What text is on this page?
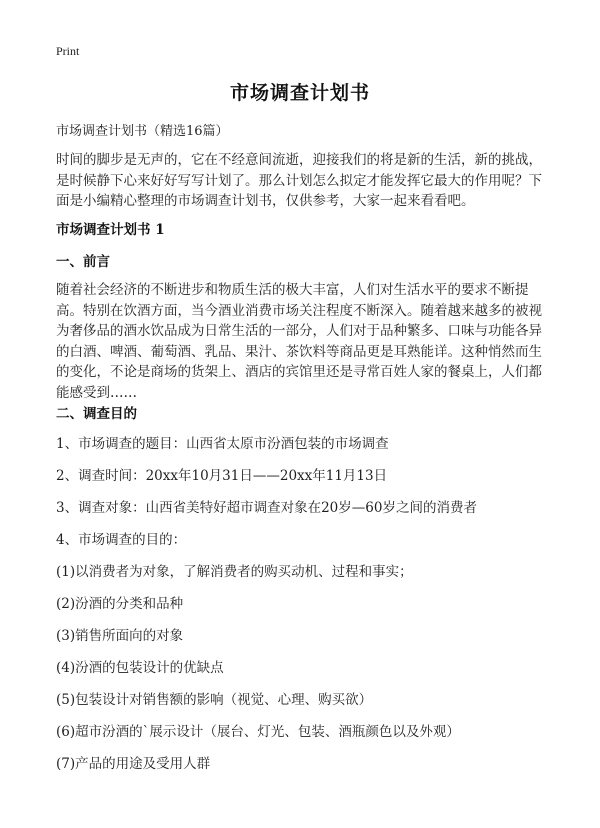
Print
市场调查计划书
市场调查计划书（精选16篇）
时间的脚步是无声的，它在不经意间流逝，迎接我们的将是新的生活，新的挑战，是时候静下心来好好写写计划了。那么计划怎么拟定才能发挥它最大的作用呢？下面是小编精心整理的市场调查计划书，仅供参考，大家一起来看看吧。
市场调查计划书 1
一、前言
随着社会经济的不断进步和物质生活的极大丰富，人们对生活水平的要求不断提高。特别在饮酒方面，当今酒业消费市场关注程度不断深入。随着越来越多的被视为奢侈品的酒水饮品成为日常生活的一部分，人们对于品种繁多、口味与功能各异的白酒、啤酒、葡萄酒、乳品、果汁、茶饮料等商品更是耳熟能详。这种悄然而生的变化，不论是商场的货架上、酒店的宾馆里还是寻常百姓人家的餐桌上，人们都能感受到……
二、调查目的
1、市场调查的题目：山西省太原市汾酒包装的市场调查
2、调查时间：20xx年10月31日——20xx年11月13日
3、调查对象：山西省美特好超市调查对象在20岁—60岁之间的消费者
4、市场调查的目的：
(1)以消费者为对象，了解消费者的购买动机、过程和事实；
(2)汾酒的分类和品种
(3)销售所面向的对象
(4)汾酒的包装设计的优缺点
(5)包装设计对销售额的影响（视觉、心理、购买欲）
(6)超市汾酒的`展示设计（展台、灯光、包装、酒瓶颜色以及外观）
(7)产品的用途及受用人群
